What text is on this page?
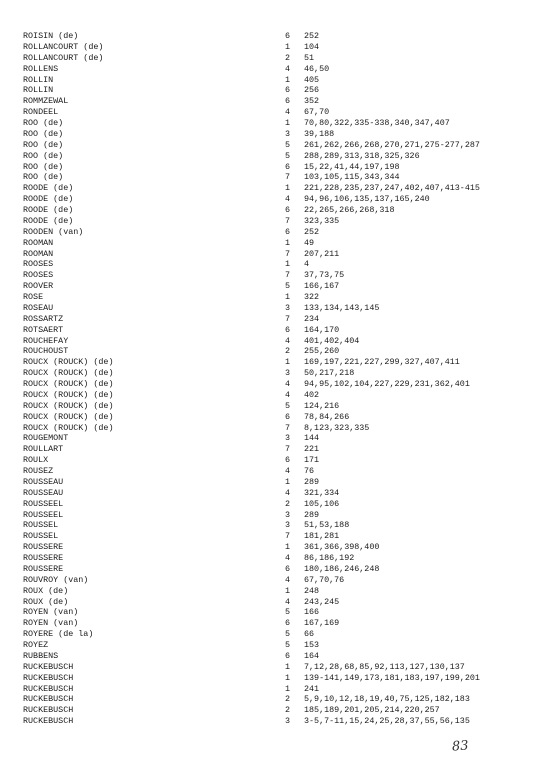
ROISIN (de)	6	252
ROLLANCOURT (de)	1	104
ROLLANCOURT (de)	2	51
ROLLENS	4	46,50
ROLLIN	1	405
ROLLIN	6	256
ROMMZEWAL	6	352
RONDEEL	4	67,70
ROO (de)	1	70,80,322,335-338,340,347,407
ROO (de)	3	39,188
ROO (de)	5	261,262,266,268,270,271,275-277,287
ROO (de)	5	288,289,313,318,325,326
ROO (de)	6	15,22,41,44,197,198
ROO (de)	7	103,105,115,343,344
ROODE (de)	1	221,228,235,237,247,402,407,413-415
ROODE (de)	4	94,96,106,135,137,165,240
ROODE (de)	6	22,265,266,268,318
ROODE (de)	7	323,335
ROODEN (van)	6	252
ROOMAN	1	49
ROOMAN	7	207,211
ROOSES	1	4
ROOSES	7	37,73,75
ROOVER	5	166,167
ROSE	1	322
ROSEAU	3	133,134,143,145
ROSSARTZ	7	234
ROTSAERT	6	164,170
ROUCHEFAY	4	401,402,404
ROUCHOUST	2	255,260
ROUCX (ROUCK) (de)	1	169,197,221,227,299,327,407,411
ROUCX (ROUCK) (de)	3	50,217,218
ROUCX (ROUCK) (de)	4	94,95,102,104,227,229,231,362,401
ROUCX (ROUCK) (de)	4	402
ROUCX (ROUCK) (de)	5	124,216
ROUCX (ROUCK) (de)	6	78,84,266
ROUCX (ROUCK) (de)	7	8,123,323,335
ROUGEMONT	3	144
ROULLART	7	221
ROULX	6	171
ROUSEZ	4	76
ROUSSEAU	1	289
ROUSSEAU	4	321,334
ROUSSEEL	2	105,106
ROUSSEEL	3	289
ROUSSEL	3	51,53,188
ROUSSEL	7	181,281
ROUSSERE	1	361,366,398,400
ROUSSERE	4	86,186,192
ROUSSERE	6	180,186,246,248
ROUVROY (van)	4	67,70,76
ROUX (de)	1	248
ROUX (de)	4	243,245
ROYEN (van)	5	166
ROYEN (van)	6	167,169
ROYERE (de la)	5	66
ROYEZ	5	153
RUBBENS	6	164
RUCKEBUSCH	1	7,12,28,68,85,92,113,127,130,137
RUCKEBUSCH	1	139-141,149,173,181,183,197,199,201
RUCKEBUSCH	1	241
RUCKEBUSCH	2	5,9,10,12,18,19,40,75,125,182,183
RUCKEBUSCH	2	185,189,201,205,214,220,257
RUCKEBUSCH	3	3-5,7-11,15,24,25,28,37,55,56,135
83
